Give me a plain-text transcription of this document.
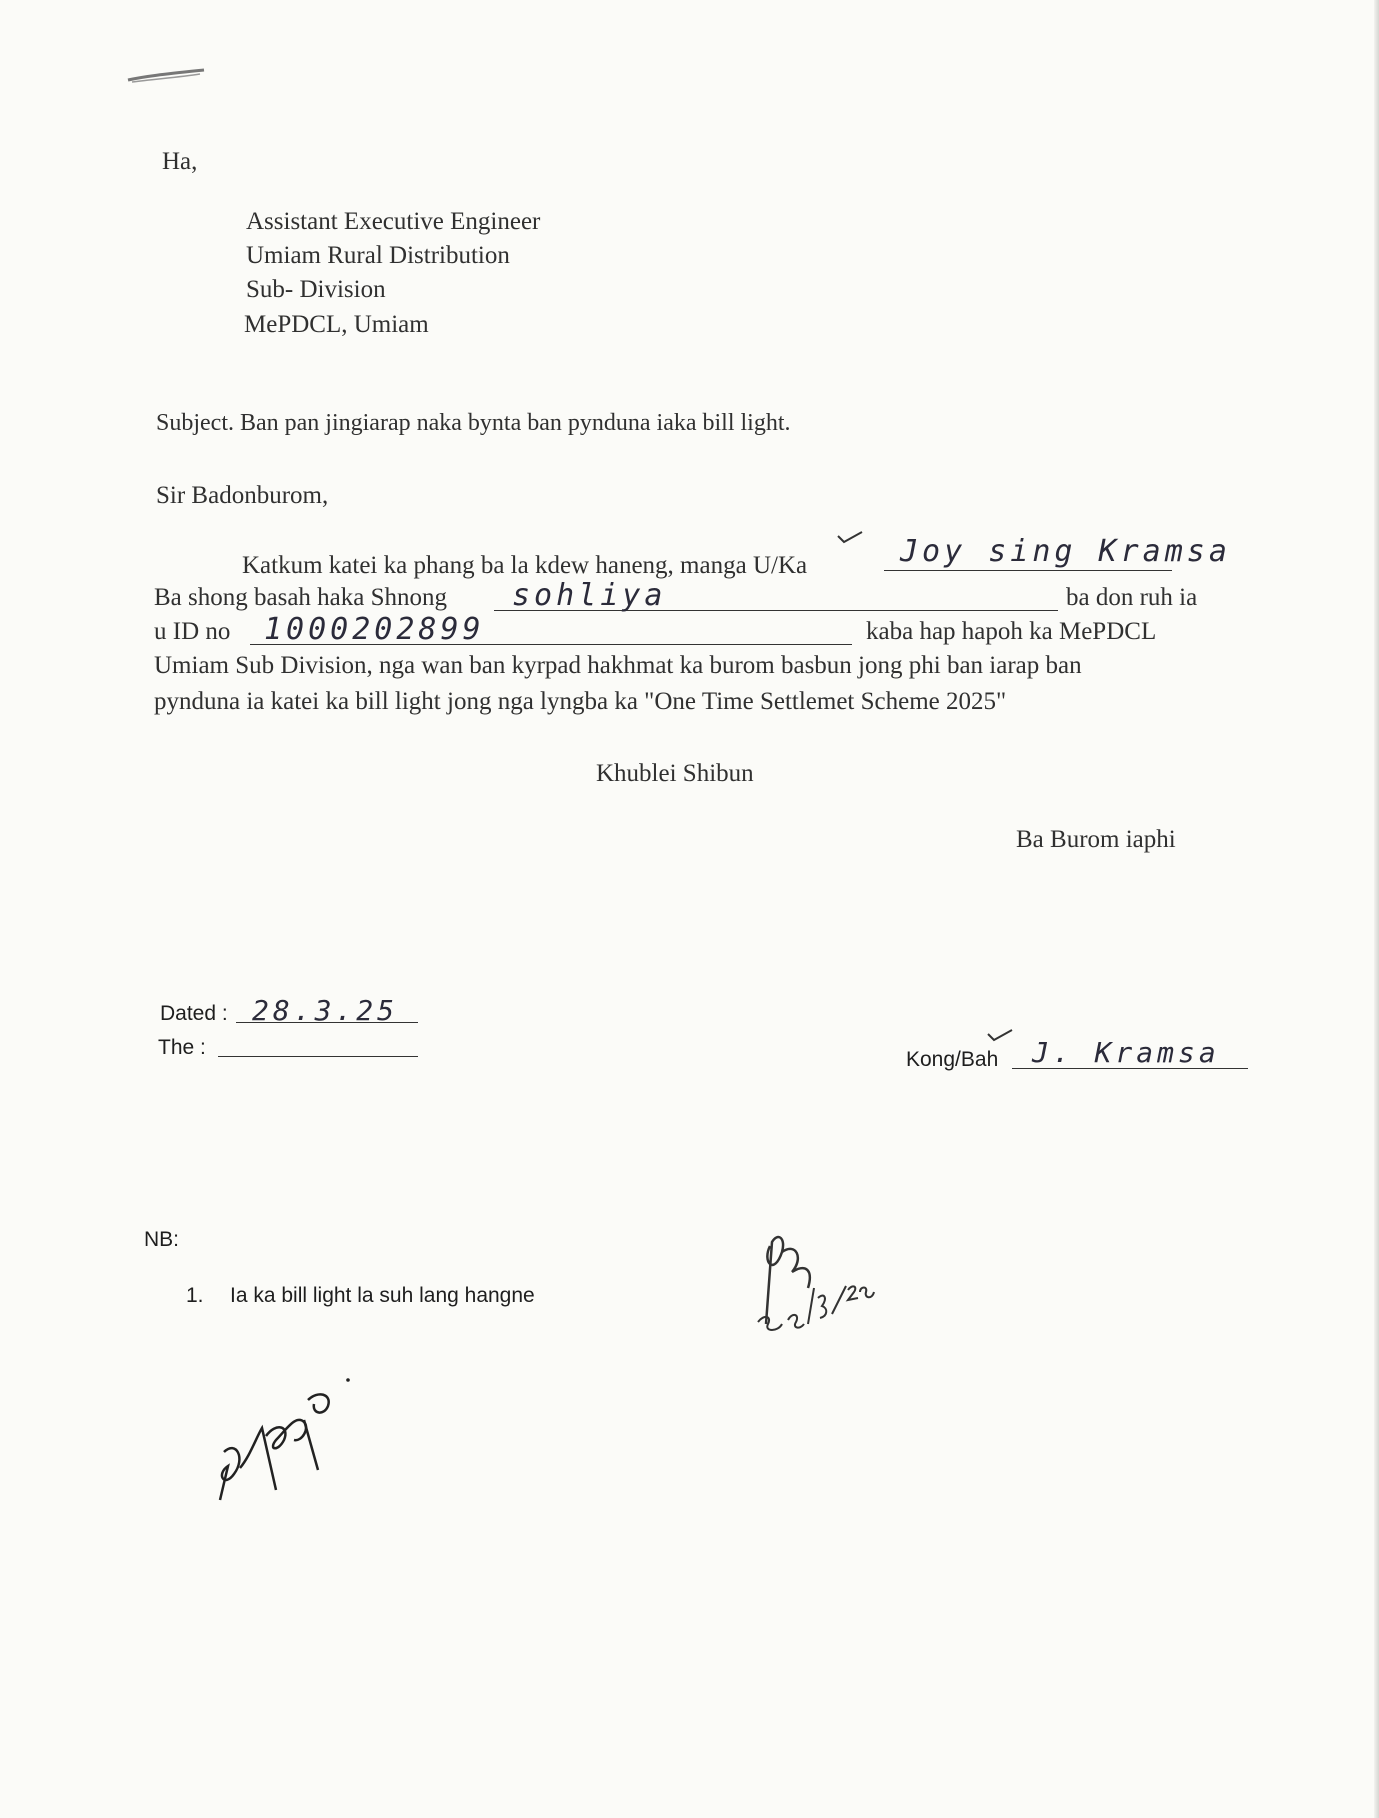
Ha,
Assistant Executive Engineer
Umiam Rural Distribution
Sub- Division
MePDCL, Umiam
Subject. Ban pan jingiarap naka bynta ban pynduna iaka bill light.
Sir Badonburom,
Katkum katei ka phang ba la kdew haneng, manga U/Ka	Joy sing Kramsa
Ba shong basah haka Shnong sohliya	ba don ruh ia
u ID no 1000202899	kaba hap hapoh ka MePDCL
Umiam Sub Division, nga wan ban kyrpad hakhmat ka burom basbun jong phi ban iarap ban
pynduna ia katei ka bill light jong nga lyngba ka "One Time Settlemet Scheme 2025"
Khublei Shibun
Ba Burom iaphi
Dated : 28.3.25
The :
Kong/Bah J. Kramsa
NB:
1. Ia ka bill light la suh lang hangne
